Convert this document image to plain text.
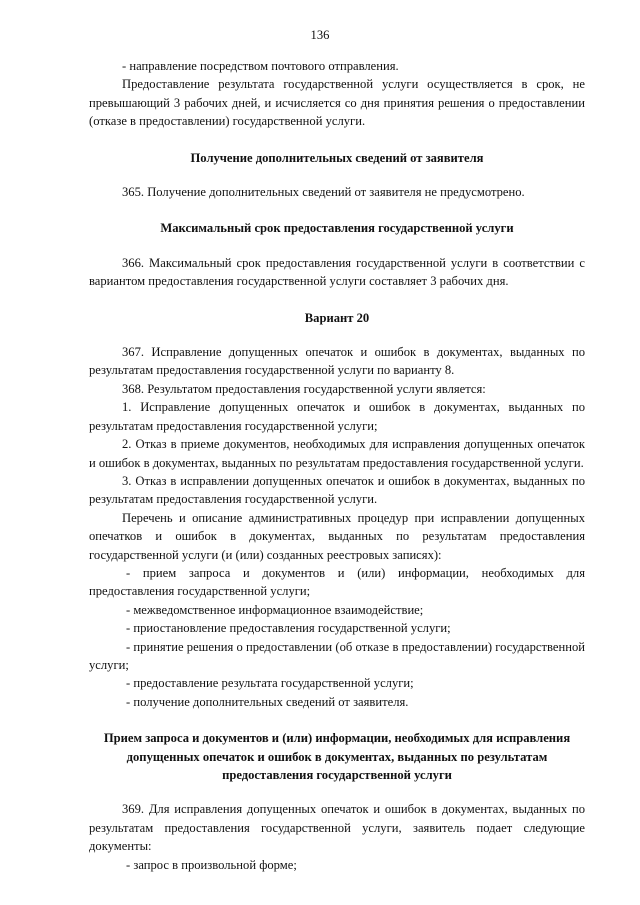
136

- направление посредством почтового отправления.

Предоставление результата государственной услуги осуществляется в срок, не превышающий 3 рабочих дней, и исчисляется со дня принятия решения о предоставлении (отказе в предоставлении) государственной услуги.

Получение дополнительных сведений от заявителя

365. Получение дополнительных сведений от заявителя не предусмотрено.

Максимальный срок предоставления государственной услуги

366. Максимальный срок предоставления государственной услуги в соответствии с вариантом предоставления государственной услуги составляет 3 рабочих дня.

Вариант 20

367. Исправление допущенных опечаток и ошибок в документах, выданных по результатам предоставления государственной услуги по варианту 8.

368. Результатом предоставления государственной услуги является:

1. Исправление допущенных опечаток и ошибок в документах, выданных по результатам предоставления государственной услуги;

2. Отказ в приеме документов, необходимых для исправления допущенных опечаток и ошибок в документах, выданных по результатам предоставления государственной услуги.

3. Отказ в исправлении допущенных опечаток и ошибок в документах, выданных по результатам предоставления государственной услуги.

Перечень и описание административных процедур при исправлении допущенных опечатков и ошибок в документах, выданных по результатам предоставления государственной услуги (и (или) созданных реестровых записях):

- прием запроса и документов и (или) информации, необходимых для предоставления государственной услуги;

- межведомственное информационное взаимодействие;

- приостановление предоставления государственной услуги;

- принятие решения о предоставлении (об отказе в предоставлении) государственной услуги;

- предоставление результата государственной услуги;

- получение дополнительных сведений от заявителя.

Прием запроса и документов и (или) информации, необходимых для исправления допущенных опечаток и ошибок в документах, выданных по результатам предоставления государственной услуги

369. Для исправления допущенных опечаток и ошибок в документах, выданных по результатам предоставления государственной услуги, заявитель подает следующие документы:

- запрос в произвольной форме;
